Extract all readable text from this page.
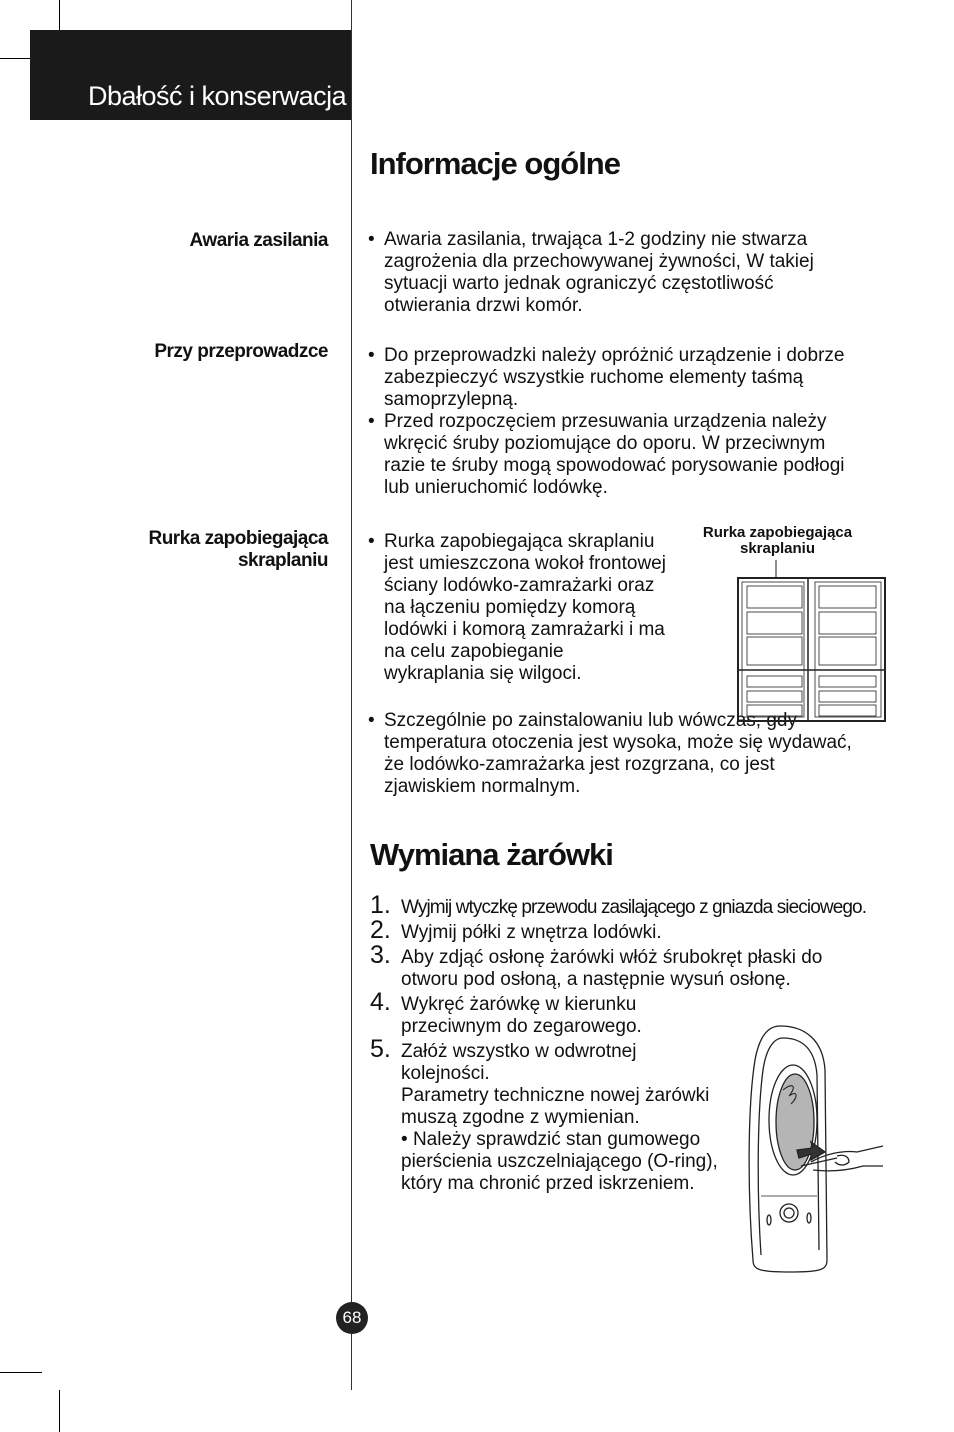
Dbałość i konserwacja
Informacje ogólne
Awaria zasilania	• Awaria zasilania, trwająca 1-2 godziny nie stwarza zagrożenia dla przechowywanej żywności, W takiej sytuacji warto jednak ograniczyć częstotliwość otwierania drzwi komór.
Przy przeprowadzce	• Do przeprowadzki należy opróżnić urządzenie i dobrze zabezpieczyć wszystkie ruchome elementy taśmą samoprzylepną.
• Przed rozpoczęciem przesuwania urządzenia należy wkręcić śruby poziomujące do oporu. W przeciwnym razie te śruby mogą spowodować porysowanie podłogi lub unieruchomić lodówkę.
Rurka zapobiegająca
skraplaniu
• Rurka zapobiegająca skraplaniu jest umieszczona wokoł frontowej ściany lodówko-zamrażarki oraz na łączeniu pomiędzy komorą lodówki i komorą zamrażarki i ma na celu zapobieganie wykraplania się wilgoci.
• Szczególnie po zainstalowaniu lub wówczas, gdy temperatura otoczenia jest wysoka, może się wydawać, że lodówko-zamrażarka jest rozgrzana, co jest zjawiskiem normalnym.
Rurka zapobiegająca
skraplaniu
Wymiana żarówki
1. Wyjmij wtyczkę przewodu zasilającego z gniazda sieciowego.
2. Wyjmij półki z wnętrza lodówki.
3. Aby zdjąć osłonę żarówki włóż śrubokręt płaski do otworu pod osłoną, a następnie wysuń osłonę.
4. Wykręć żarówkę w kierunku przeciwnym do zegarowego.
5. Załóż wszystko w odwrotnej kolejności.
Parametry techniczne nowej żarówki muszą zgodne z wymienian.
• Należy sprawdzić stan gumowego pierścienia uszczelniającego (O-ring), który ma chronić przed iskrzeniem.
68
